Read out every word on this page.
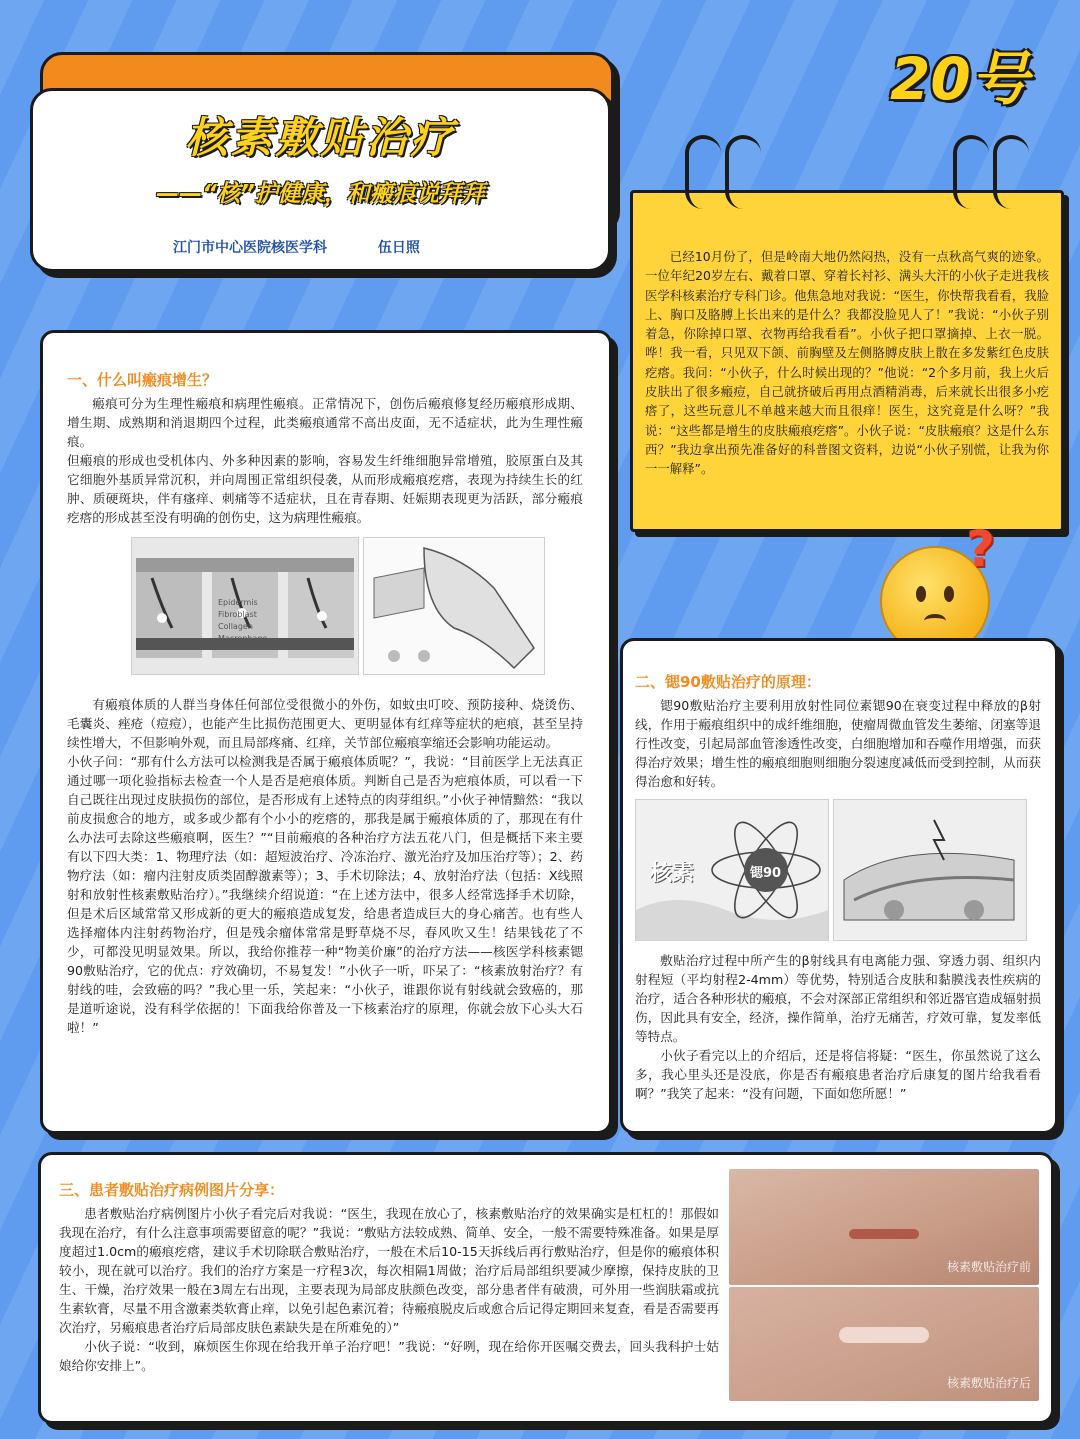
20号
核素敷贴治疗
——“核”护健康，和瘢痕说拜拜
江门市中心医院核医学科	伍日照

已经10月份了，但是岭南大地仍然闷热，没有一点秋高气爽的迹象。一位年纪20岁左右、戴着口罩、穿着长衬衫、满头大汗的小伙子走进我核医学科核素治疗专科门诊。他焦急地对我说：“医生，你快帮我看看，我脸上、胸口及胳膊上长出来的是什么？我都没脸见人了！”我说：“小伙子别着急，你除掉口罩、衣物再给我看看”。小伙子把口罩摘掉、上衣一脱。哗！我一看，只见双下颌、前胸壁及左侧胳膊皮肤上散在多发紫红色皮肤疙瘩。我问：“小伙子，什么时候出现的？”他说：“2个多月前，我上火后皮肤出了很多瘢痘，自己就挤破后再用点酒精消毒，后来就长出很多小疙瘩了，这些玩意儿不单越来越大而且很痒！医生，这究竟是什么呀？”我说：“这些都是增生的皮肤瘢痕疙瘩”。小伙子说：“皮肤瘢痕？这是什么东西？”我边拿出预先准备好的科普图文资料，边说“小伙子别慌，让我为你一一解释”。

?
一、什么叫瘢痕增生？

瘢痕可分为生理性瘢痕和病理性瘢痕。正常情况下，创伤后瘢痕修复经历瘢痕形成期、增生期、成熟期和消退期四个过程，此类瘢痕通常不高出皮面，无不适症状，此为生理性瘢痕。

但瘢痕的形成也受机体内、外多种因素的影响，容易发生纤维细胞异常增殖，胶原蛋白及其它细胞外基质异常沉积，并向周围正常组织侵袭，从而形成瘢痕疙瘩，表现为持续生长的红肿、质硬斑块，伴有瘙痒、刺痛等不适症状，且在青春期、妊娠期表现更为活跃，部分瘢痕疙瘩的形成甚至没有明确的创伤史，这为病理性瘢痕。

Epidermis
Fibroblast
Collagen
Macrophage

有瘢痕体质的人群当身体任何部位受很微小的外伤，如蚊虫叮咬、预防接种、烧烫伤、毛囊炎、痤疮（痘痘），也能产生比损伤范围更大、更明显体有红痒等症状的疤痕，甚至呈持续性增大，不但影响外观，而且局部疼痛、红痒，关节部位瘢痕挛缩还会影响功能运动。

小伙子问：“那有什么方法可以检测我是否属于瘢痕体质呢？”，我说：“目前医学上无法真正通过哪一项化验指标去检查一个人是否是疤痕体质。判断自己是否为疤痕体质，可以看一下自己既往出现过皮肤损伤的部位，是否形成有上述特点的肉芽组织。”小伙子神情黯然：“我以前皮损愈合的地方，或多或少都有个小小的疙瘩的，那我是属于瘢痕体质的了，那现在有什么办法可去除这些瘢痕啊，医生？”“目前瘢痕的各种治疗方法五花八门，但是概括下来主要有以下四大类：1、物理疗法（如：超短波治疗、冷冻治疗、激光治疗及加压治疗等）；2、药物疗法（如：瘤内注射皮质类固醇激素等）；3、手术切除法；4、放射治疗法（包括：X线照射和放射性核素敷贴治疗）。”我继续介绍说道：“在上述方法中，很多人经常选择手术切除，但是术后区域常常又形成新的更大的瘢痕造成复发，给患者造成巨大的身心痛苦。也有些人选择瘤体内注射药物治疗，但是残余瘤体常常是野草烧不尽，春风吹又生！结果钱花了不少，可都没见明显效果。所以，我给你推荐一种“物美价廉”的治疗方法——核医学科核素锶90敷贴治疗，它的优点：疗效确切，不易复发！”小伙子一听，吓呆了：“核素放射治疗？有射线的哇，会致癌的吗？”我心里一乐，笑起来：“小伙子，谁跟你说有射线就会致癌的，那是道听途说，没有科学依据的！下面我给你普及一下核素治疗的原理，你就会放下心头大石啦！”

二、锶90敷贴治疗的原理：

锶90敷贴治疗主要利用放射性同位素锶90在衰变过程中释放的β射线，作用于瘢痕组织中的成纤维细胞，使瘤周微血管发生萎缩、闭塞等退行性改变，引起局部血管渗透性改变，白细胞增加和吞噬作用增强，而获得治疗效果；增生性的瘢痕细胞则细胞分裂速度减低而受到控制，从而获得治愈和好转。

核素	锶90

敷贴治疗过程中所产生的β射线具有电离能力强、穿透力弱、组织内射程短（平均射程2-4mm）等优势，特别适合皮肤和黏膜浅表性疾病的治疗，适合各种形状的瘢痕，不会对深部正常组织和邻近器官造成辐射损伤，因此具有安全，经济，操作简单，治疗无痛苦，疗效可靠，复发率低等特点。

小伙子看完以上的介绍后，还是将信将疑：“医生，你虽然说了这么多，我心里头还是没底，你是否有瘢痕患者治疗后康复的图片给我看看啊？”我笑了起来：“没有问题，下面如您所愿！”

三、患者敷贴治疗病例图片分享：

患者敷贴治疗病例图片小伙子看完后对我说：“医生，我现在放心了，核素敷贴治疗的效果确实是杠杠的！那假如我现在治疗，有什么注意事项需要留意的呢？”我说：“敷贴方法较成熟、简单、安全，一般不需要特殊准备。如果是厚度超过1.0cm的瘢痕疙瘩，建议手术切除联合敷贴治疗，一般在术后10-15天拆线后再行敷贴治疗，但是你的瘢痕体积较小，现在就可以治疗。我们的治疗方案是一疗程3次，每次相隔1周做；治疗后局部组织要减少摩擦，保持皮肤的卫生、干燥，治疗效果一般在3周左右出现，主要表现为局部皮肤颜色改变，部分患者伴有破溃，可外用一些润肤霜或抗生素软膏，尽量不用含激素类软膏止痒，以免引起色素沉着；待瘢痕脱皮后或愈合后记得定期回来复查，看是否需要再次治疗，另瘢痕患者治疗后局部皮肤色素缺失是在所难免的）”

小伙子说：“收到，麻烦医生你现在给我开单子治疗吧！”我说：“好咧，现在给你开医嘱交费去，回头我科护士姑娘给你安排上”。

核素敷贴治疗前
核素敷贴治疗后
